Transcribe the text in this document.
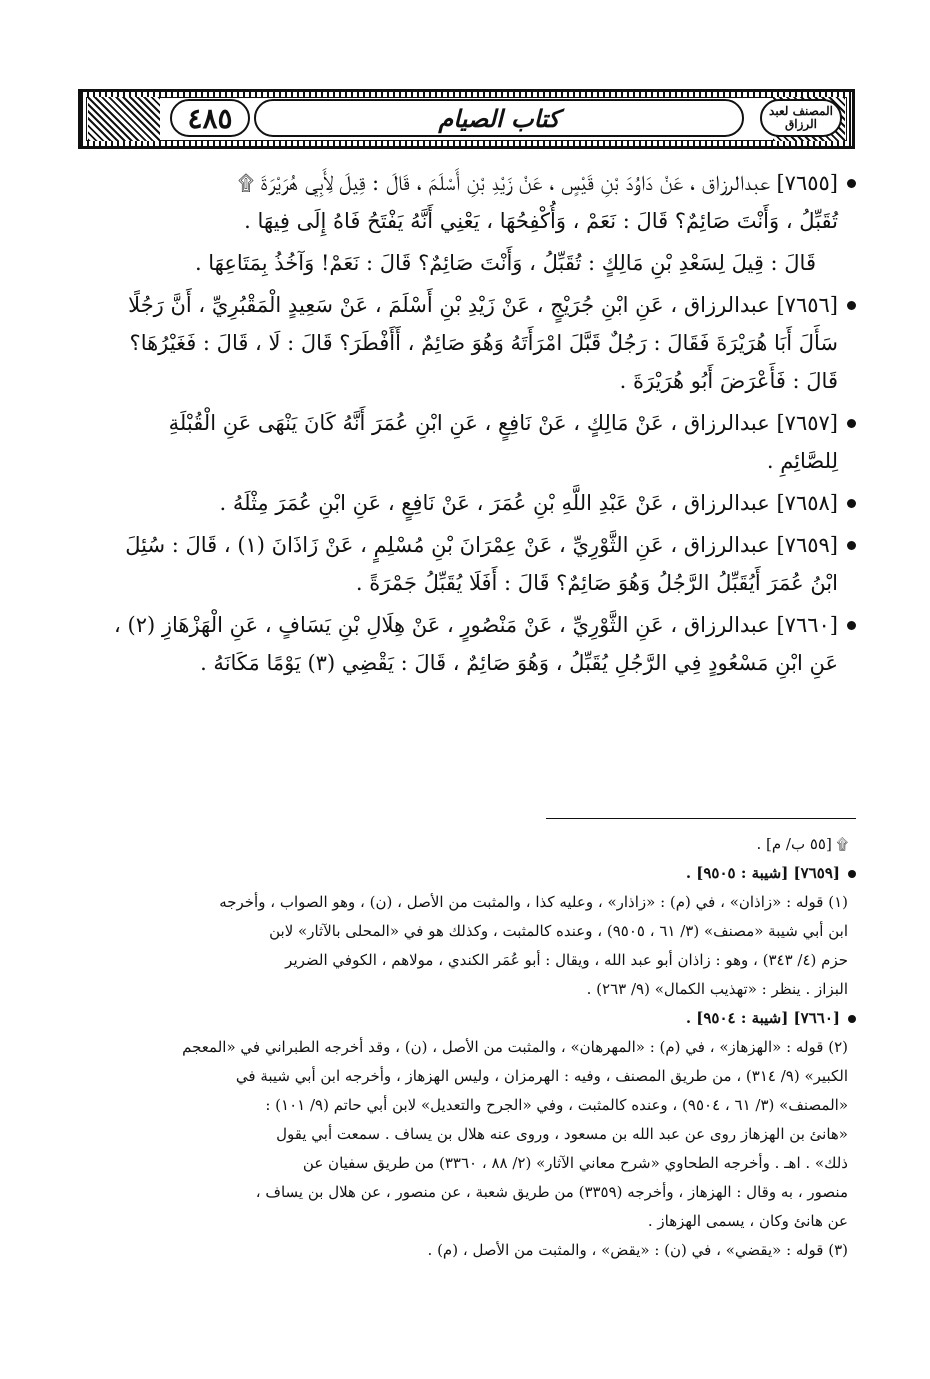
٤٨٥	كتاب الصيام	المصنف لعبد الرزاق
[٧٦٥٥] عبدالرزاق ، عَنْ دَاوُدَ بْنِ قَيْسٍ ، عَنْ زَيْدِ بْنِ أَسْلَمَ ، قَالَ : قِيلَ لِأَبِي هُرَيْرَةَ ۩
تُقَبِّلُ ، وَأَنْتَ صَائِمٌ؟ قَالَ : نَعَمْ ، وَأُكْفِحُهَا ، يَعْنِي أَنَّهُ يَفْتَحُ فَاهُ إِلَى فِيهَا .
قَالَ : قِيلَ لِسَعْدِ بْنِ مَالِكٍ : تُقَبِّلُ ، وَأَنْتَ صَائِمٌ؟ قَالَ : نَعَمْ! وَآخُذُ بِمَتَاعِهَا .
[٧٦٥٦] عبدالرزاق ، عَنِ ابْنِ جُرَيْجٍ ، عَنْ زَيْدِ بْنِ أَسْلَمَ ، عَنْ سَعِيدٍ الْمَقْبُرِيِّ ، أَنَّ رَجُلًا
سَأَلَ أَبَا هُرَيْرَةَ فَقَالَ : رَجُلٌ قَبَّلَ امْرَأَتَهُ وَهُوَ صَائِمٌ ، أَأَفْطَرَ؟ قَالَ : لَا ، قَالَ : فَغَيْرُهَا؟
قَالَ : فَأَعْرَضَ أَبُو هُرَيْرَةَ .
[٧٦٥٧] عبدالرزاق ، عَنْ مَالِكٍ ، عَنْ نَافِعٍ ، عَنِ ابْنِ عُمَرَ أَنَّهُ كَانَ يَنْهَى عَنِ الْقُبْلَةِ
لِلصَّائِمِ .
[٧٦٥٨] عبدالرزاق ، عَنْ عَبْدِ اللَّهِ بْنِ عُمَرَ ، عَنْ نَافِعٍ ، عَنِ ابْنِ عُمَرَ مِثْلَهُ .
[٧٦٥٩] عبدالرزاق ، عَنِ الثَّوْرِيِّ ، عَنْ عِمْرَانَ بْنِ مُسْلِمٍ ، عَنْ زَاذَانَ (١) ، قَالَ : سُئِلَ
ابْنُ عُمَرَ أَيُقَبِّلُ الرَّجُلُ وَهُوَ صَائِمٌ؟ قَالَ : أَفَلَا يُقَبِّلُ جَمْرَةً .
[٧٦٦٠] عبدالرزاق ، عَنِ الثَّوْرِيِّ ، عَنْ مَنْصُورٍ ، عَنْ هِلَالِ بْنِ يَسَافٍ ، عَنِ الْهَزْهَازِ (٢) ،
عَنِ ابْنِ مَسْعُودٍ فِي الرَّجُلِ يُقَبِّلُ ، وَهُوَ صَائِمٌ ، قَالَ : يَقْضِي (٣) يَوْمًا مَكَانَهُ .
۩ [٥٥ ب/ م] .
[٧٦٥٩] [شيبة : ٩٥٠٥] .
(١) قوله : «زاذان» ، في (م) : «زاذار» ، وعليه كذا ، والمثبت من الأصل ، (ن) ، وهو الصواب ، وأخرجه
ابن أبي شيبة «مصنف» (٣/ ٦١ ، ٩٥٠٥) ، وعنده كالمثبت ، وكذلك هو في «المحلى بالآثار» لابن
حزم (٤/ ٣٤٣) ، وهو : زاذان أبو عبد الله ، ويقال : أبو عُمَر الكندي ، مولاهم ، الكوفي الضرير
البزاز . ينظر : «تهذيب الكمال» (٩/ ٢٦٣) .
[٧٦٦٠] [شيبة : ٩٥٠٤] .
(٢) قوله : «الهزهاز» ، في (م) : «المهرهان» ، والمثبت من الأصل ، (ن) ، وقد أخرجه الطبراني في «المعجم
الكبير» (٩/ ٣١٤) ، من طريق المصنف ، وفيه : الهرمزان ، وليس الهزهاز ، وأخرجه ابن أبي شيبة في
«المصنف» (٣/ ٦١ ، ٩٥٠٤) ، وعنده كالمثبت ، وفي «الجرح والتعديل» لابن أبي حاتم (٩/ ١٠١) :
«هانئ بن الهزهاز روى عن عبد الله بن مسعود ، وروى عنه هلال بن يساف . سمعت أبي يقول
ذلك» . اهـ . وأخرجه الطحاوي «شرح معاني الآثار» (٢/ ٨٨ ، ٣٣٦٠) من طريق سفيان عن
منصور ، به وقال : الهزهاز ، وأخرجه (٣٣٥٩) من طريق شعبة ، عن منصور ، عن هلال بن يساف ،
عن هانئ وكان ، يسمى الهزهاز .
(٣) قوله : «يقضي» ، في (ن) : «يقض» ، والمثبت من الأصل ، (م) .
